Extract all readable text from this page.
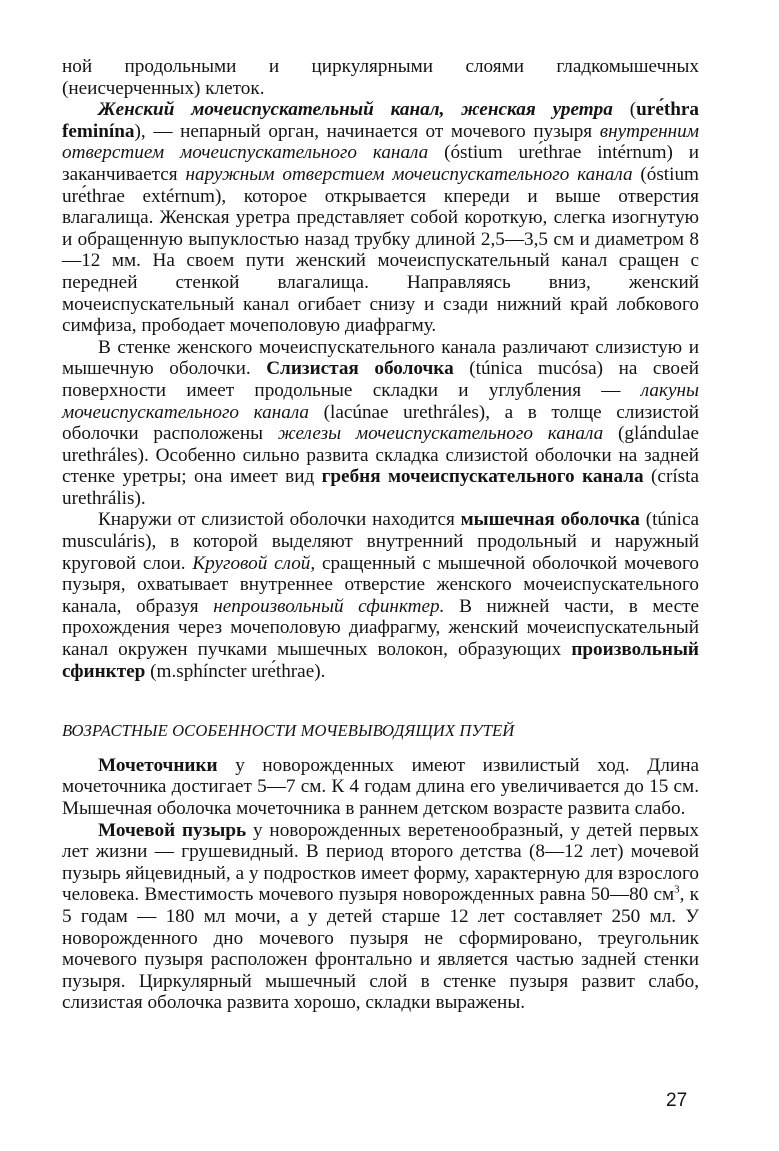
ной продольными и циркулярными слоями гладкомышечных (неисчерченных) клеток.

Женский мочеиспускательный канал, женская уретра (urе́thra feminína), — непарный орган, начинается от мочевого пузыря внутренним отверстием мочеиспускательного канала (óstium urе́thrae intérnum) и заканчивается наружным отверстием мочеиспускательного канала (óstium urе́thrae extérnum), которое открывается кпереди и выше отверстия влагалища. Женская уретра представляет собой короткую, слегка изогнутую и обращенную выпуклостью назад трубку длиной 2,5—3,5 см и диаметром 8—12 мм. На своем пути женский мочеиспускательный канал сращен с передней стенкой влагалища. Направляясь вниз, женский мочеиспускательный канал огибает снизу и сзади нижний край лобкового симфиза, прободает мочеполовую диафрагму.

В стенке женского мочеиспускательного канала различают слизистую и мышечную оболочки. Слизистая оболочка (túnica mucósa) на своей поверхности имеет продольные складки и углубления — лакуны мочеиспускательного канала (lacúnae urethráles), а в толще слизистой оболочки расположены железы мочеиспускательного канала (glándulae urethráles). Особенно сильно развита складка слизистой оболочки на задней стенке уретры; она имеет вид гребня мочеиспускательного канала (crísta urethrális).

Кнаружи от слизистой оболочки находится мышечная оболочка (túnica musculáris), в которой выделяют внутренний продольный и наружный круговой слои. Круговой слой, сращенный с мышечной оболочкой мочевого пузыря, охватывает внутреннее отверстие женского мочеиспускательного канала, образуя непроизвольный сфинктер. В нижней части, в месте прохождения через мочеполовую диафрагму, женский мочеиспускательный канал окружен пучками мышечных волокон, образующих произвольный сфинктер (m.sphíncter urе́thrae).

ВОЗРАСТНЫЕ ОСОБЕННОСТИ МОЧЕВЫВОДЯЩИХ ПУТЕЙ

Мочеточники у новорожденных имеют извилистый ход. Длина мочеточника достигает 5—7 см. К 4 годам длина его увеличивается до 15 см. Мышечная оболочка мочеточника в раннем детском возрасте развита слабо.

Мочевой пузырь у новорожденных веретенообразный, у детей первых лет жизни — грушевидный. В период второго детства (8—12 лет) мочевой пузырь яйцевидный, а у подростков имеет форму, характерную для взрослого человека. Вместимость мочевого пузыря новорожденных равна 50—80 $см^3$, к 5 годам — 180 мл мочи, а у детей старше 12 лет составляет 250 мл. У новорожденного дно мочевого пузыря не сформировано, треугольник мочевого пузыря расположен фронтально и является частью задней стенки пузыря. Циркулярный мышечный слой в стенке пузыря развит слабо, слизистая оболочка развита хорошо, складки выражены.

27
